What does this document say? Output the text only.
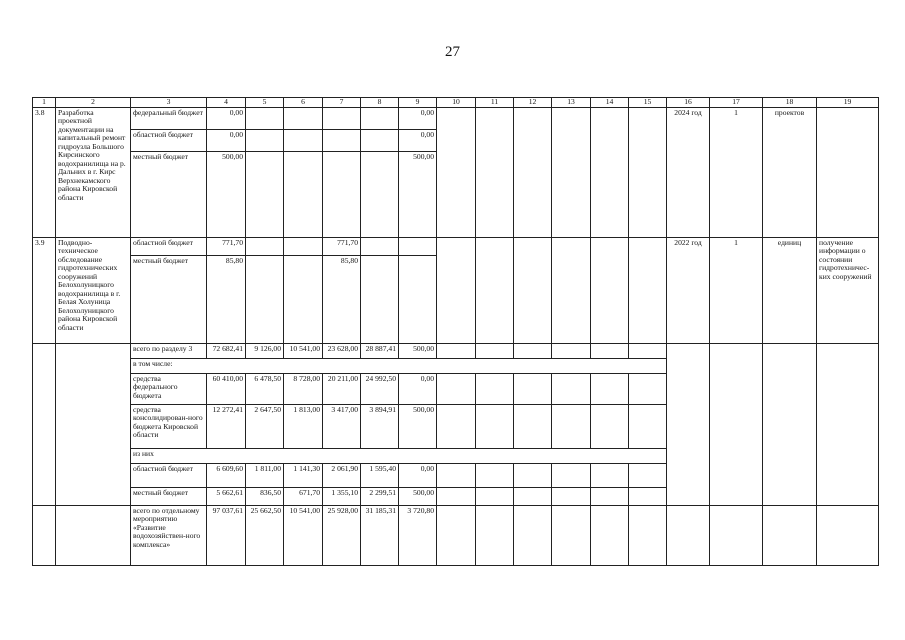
27
1	2	3	4	5	6	7	8	9	10	11	12	13	14	15	16	17	18	19
3.8	Разработка проектной документации на капитальный ремонт гидроузла Большого Кирсинского водохранилища на р. Дальних в г. Кирс Верхнекамского района Кировской области	федеральный бюджет	0,00					0,00							2024 год	1	проектов	
		областной бюджет	0,00					0,00										
		местный бюджет	500,00					500,00										
3.9	Подводно-техническое обследование гидротехнических сооружений Белохолуницкого водохранилища в г. Белая Холуница Белохолуницкого района Кировской области	областной бюджет	771,70			771,70									2022 год	1	единиц	получение информации о состоянии гидротехничес-ких сооружений
		местный бюджет	85,80			85,80												
		всего по разделу 3	72 682,41	9 126,00	10 541,00	23 628,00	28 887,41	500,00										
		в том числе:																
		средства федерального бюджета	60 410,00	6 478,50	8 728,00	20 211,00	24 992,50	0,00										
		средства консолидирован-ного бюджета Кировской области	12 272,41	2 647,50	1 813,00	3 417,00	3 894,91	500,00										
		из них																
		областной бюджет	6 609,60	1 811,00	1 141,30	2 061,90	1 595,40	0,00										
		местный бюджет	5 662,61	836,50	671,70	1 355,10	2 299,51	500,00										
		всего по отдельному мероприятию «Развитие водохозяйствен-ного комплекса»	97 037,61	25 662,50	10 541,00	25 928,00	31 185,31	3 720,80										
